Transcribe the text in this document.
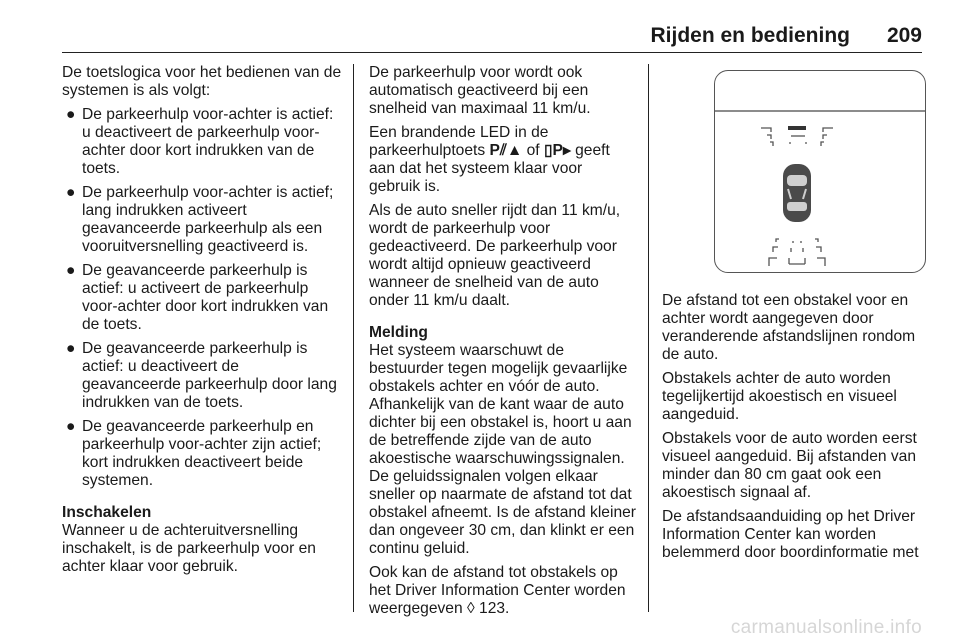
Rijden en bediening 209

De toetslogica voor het bedienen van de systemen is als volgt:

● De parkeerhulp voor-achter is actief: u deactiveert de parkeerhulp voor-achter door kort indrukken van de toets.
● De parkeerhulp voor-achter is actief; lang indrukken activeert geavanceerde parkeerhulp als een vooruitversnelling geactiveerd is.
● De geavanceerde parkeerhulp is actief: u activeert de parkeerhulp voor-achter door kort indrukken van de toets.
● De geavanceerde parkeerhulp is actief: u deactiveert de geavanceerde parkeerhulp door lang indrukken van de toets.
● De geavanceerde parkeerhulp en parkeerhulp voor-achter zijn actief; kort indrukken deactiveert beide systemen.

Inschakelen

Wanneer u de achteruitversnelling inschakelt, is de parkeerhulp voor en achter klaar voor gebruik.

De parkeerhulp voor wordt ook automatisch geactiveerd bij een snelheid van maximaal 11 km/u.

Een brandende LED in de parkeerhulptoets P⫽▲ of ▯P▸ geeft aan dat het systeem klaar voor gebruik is.

Als de auto sneller rijdt dan 11 km/u, wordt de parkeerhulp voor gedeactiveerd. De parkeerhulp voor wordt altijd opnieuw geactiveerd wanneer de snelheid van de auto onder 11 km/u daalt.

Melding

Het systeem waarschuwt de bestuurder tegen mogelijk gevaarlijke obstakels achter en vóór de auto. Afhankelijk van de kant waar de auto dichter bij een obstakel is, hoort u aan de betreffende zijde van de auto akoestische waarschuwingssignalen. De geluidssignalen volgen elkaar sneller op naarmate de afstand tot dat obstakel afneemt. Is de afstand kleiner dan ongeveer 30 cm, dan klinkt er een continu geluid.

Ook kan de afstand tot obstakels op het Driver Information Center worden weergegeven ◊ 123.

De afstand tot een obstakel voor en achter wordt aangegeven door veranderende afstandslijnen rondom de auto.

Obstakels achter de auto worden tegelijkertijd akoestisch en visueel aangeduid.

Obstakels voor de auto worden eerst visueel aangeduid. Bij afstanden van minder dan 80 cm gaat ook een akoestisch signaal af.

De afstandsaanduiding op het Driver Information Center kan worden belemmerd door boordinformatie met

carmanualsonline.info
